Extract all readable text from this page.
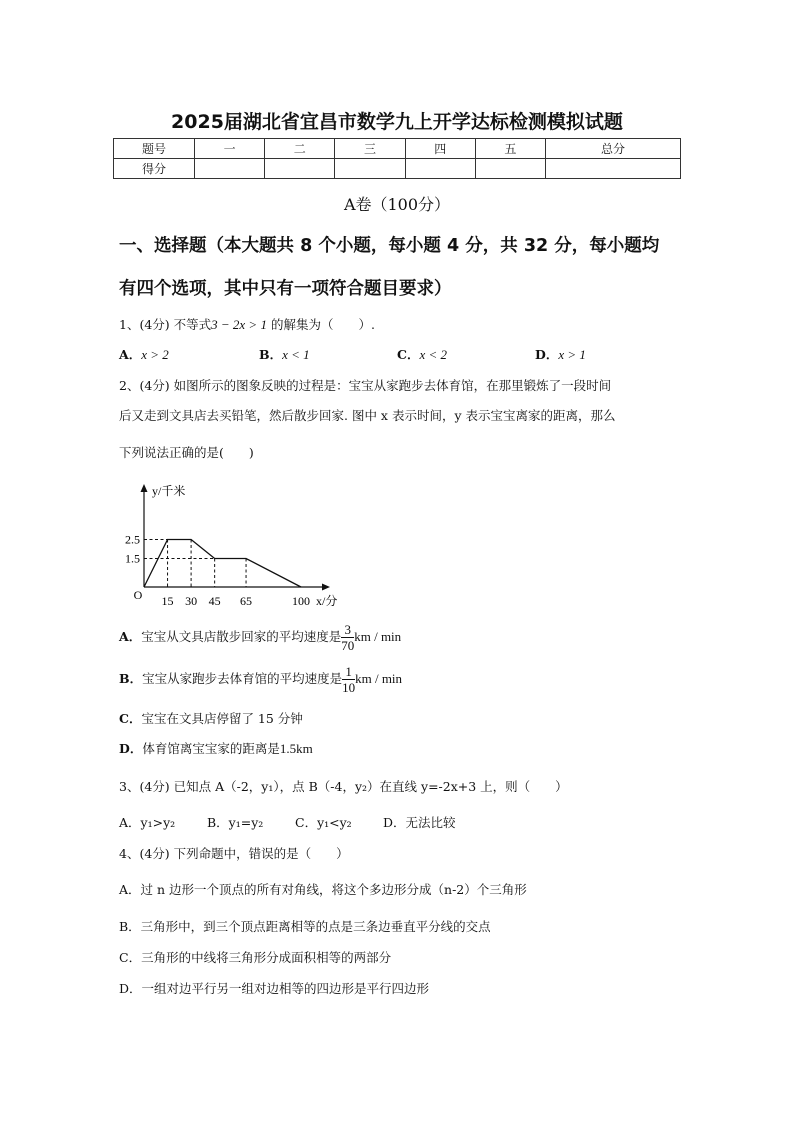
2025届湖北省宜昌市数学九上开学达标检测模拟试题
题号	一	二	三	四	五	总分
得分						
A卷（100分）
一、选择题（本大题共 8 个小题，每小题 4 分，共 32 分，每小题均
有四个选项，其中只有一项符合题目要求）
1、(4分) 不等式3 − 2x > 1 的解集为（　　）.
A．x > 2	B．x < 1	C．x < 2	D．x > 1
2、(4分) 如图所示的图象反映的过程是：宝宝从家跑步去体育馆，在那里锻炼了一段时间
后又走到文具店去买铅笔，然后散步回家. 图中 x 表示时间，y 表示宝宝离家的距离，那么
下列说法正确的是(　　)
y/千米
x/分
O
2.5
1.5
15 30 45 65	100
A．宝宝从文具店散步回家的平均速度是 $\frac{3}{70}$ km / min
B．宝宝从家跑步去体育馆的平均速度是 $\frac{1}{10}$ km / min
C．宝宝在文具店停留了 15 分钟
D．体育馆离宝宝家的距离是1.5km
3、(4分) 已知点 A（-2，y₁），点 B（-4，y₂）在直线 y=-2x+3 上，则（　　）
A．y₁>y₂	B．y₁=y₂	C．y₁<y₂	D．无法比较
4、(4分) 下列命题中，错误的是（　　）
A．过 n 边形一个顶点的所有对角线，将这个多边形分成（n-2）个三角形
B．三角形中，到三个顶点距离相等的点是三条边垂直平分线的交点
C．三角形的中线将三角形分成面积相等的两部分
D．一组对边平行另一组对边相等的四边形是平行四边形
